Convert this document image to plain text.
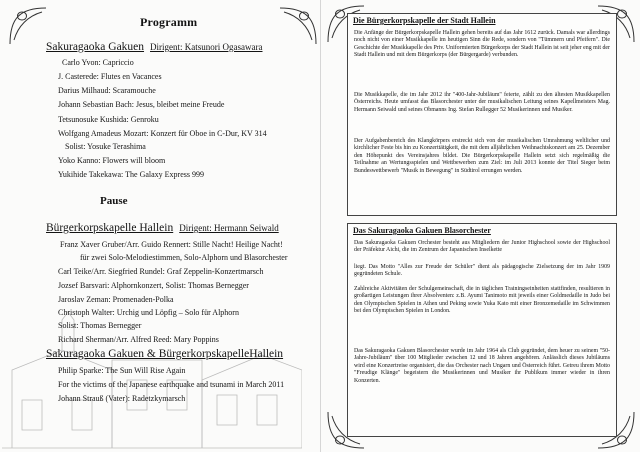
Programm
Sakuragaoka Gakuen Dirigent: Katsunori Ogasawara
Carlo Yvon: Capriccio
J. Casterede: Flutes en Vacances
Darius Milhaud: Scaramouche
Johann Sebastian Bach: Jesus, bleibet meine Freude
Tetsunosuke Kushida: Genroku
Wolfgang Amadeus Mozart: Konzert für Oboe in C-Dur, KV 314
Solist: Yosuke Terashima
Yoko Kanno: Flowers will bloom
Yukihide Takekawa: The Galaxy Express 999
Pause
Bürgerkorpskapelle Hallein Dirigent: Hermann Seiwald
Franz Xaver Gruber/Arr. Guido Rennert: Stille Nacht! Heilige Nacht!
für zwei Solo-Melodiestimmen, Solo-Alphorn und Blasorchester
Carl Teike/Arr. Siegfried Rundel: Graf Zeppelin-Konzertmarsch
Jozsef Barsvari: Alphornkonzert, Solist: Thomas Bernegger
Jaroslav Zeman: Promenaden-Polka
Christoph Walter: Urchig und Löpfig – Solo für Alphorn
Solist: Thomas Bernegger
Richard Sherman/Arr. Alfred Reed: Mary Poppins
Sakuragaoka Gakuen & BürgerkorpskapelleHallein
Philip Sparke: The Sun Will Rise Again
For the victims of the Japanese earthquake and tsunami in March 2011
Johann Strauß (Vater): Radetzkymarsch
Die Bürgerkorpskapelle der Stadt Hallein
Die Anfänge der Bürgerkorpskapelle Hallein gehen bereits auf das Jahr 1612 zurück. Damals war allerdings noch nicht von einer Musikkapelle im heutigen Sinn die Rede, sondern von "Tümmern und Pfeifern". Die Geschichte der Musikkapelle des Priv. Uniformierten Bürgerkorps der Stadt Hallein ist seit jeher eng mit der Stadt Hallein und mit dem Bürgerkorps (der Bürgergarde) verbunden.
Die Musikkapelle, die im Jahr 2012 ihr "400-Jahr-Jubiläum" feierte, zählt zu den ältesten Musikkapellen Österreichs. Heute umfasst das Blasorchester unter der musikalischen Leitung seines Kapellmeisters Mag. Hermann Seiwald und seines Obmanns Ing. Stefan Rullegger 52 Musikerinnen und Musiker.
Der Aufgabenbereich des Klangkörpers erstreckt sich von der musikalischen Umrahmung weltlicher und kirchlicher Feste bis hin zu Konzerttätigkeit, die mit dem alljährlichen Weihnachtskonzert am 25. Dezember den Höhepunkt des Vereinsjahres bildet. Die Bürgerkorpskapelle Hallein setzt sich regelmäßig die Teilnahme an Wertungsspielen und Wettbewerben zum Ziel: im Juli 2013 konnte der Titel Sieger beim Bundeswettbewerb "Musik in Bewegung" in Südtirol errungen werden.
Das Sakuragaoka Gakuen Blasorchester
Das Sakuragaoka Gakuen Orchester besteht aus Mitgliedern der Junior Highschool sowie der Highschool der Präfektur Aichi, die im Zentrum der Japanischen Inselkette
liegt. Das Motto "Alles zur Freude der Schüler" dient als pädagogische Zielsetzung der im Jahr 1909 gegründeten Schule.
Zahlreiche Aktivitäten der Schulgemeinschaft, die in täglichen Trainingseinheiten stattfinden, resultieren in großartigen Leistungen ihrer Absolventen: z.B. Ayumi Tanimoto mit jeweils einer Goldmedaille in Judo bei den Olympischen Spielen in Athen und Peking sowie Yuka Kato mit einer Bronzemedaille im Schwimmen bei den Olympischen Spielen in London.
Das Sakuragaoka Gakuen Blasorchester wurde im Jahr 1964 als Club gegründet, dem heuer zu seinem "50-Jahre-Jubiläum" über 100 Mitglieder zwischen 12 und 18 Jahren angehören. Anlässlich dieses Jubiläums wird eine Konzertreise organisiert, die das Orchester nach Ungarn und Österreich führt. Getreu ihrem Motto "Freudige Klänge" begeistern die Musikerinnen und Musiker ihr Publikum immer wieder in ihren Konzerten.
